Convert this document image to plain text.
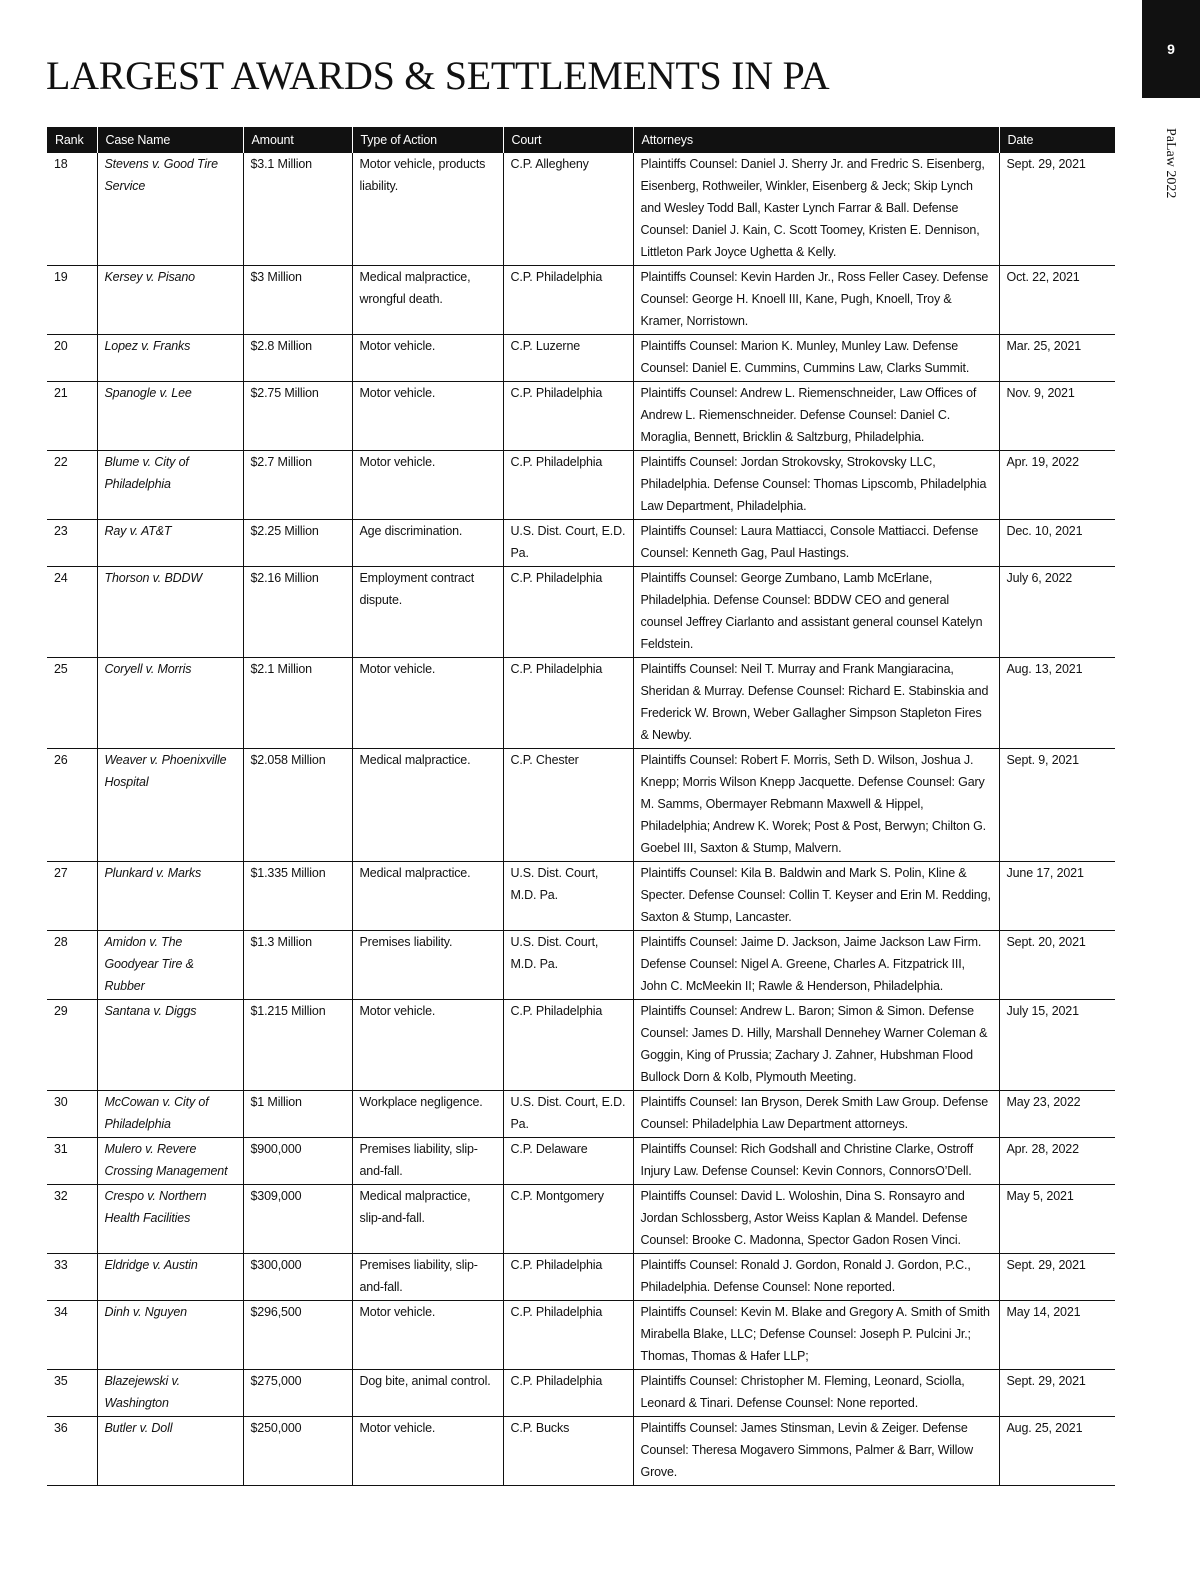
9
PaLaw 2022
LARGEST AWARDS & SETTLEMENTS IN PA
Rank	Case Name	Amount	Type of Action	Court	Attorneys	Date
18	Stevens v. Good Tire Service	$3.1 Million	Motor vehicle, products liability.	C.P. Allegheny	Plaintiffs Counsel: Daniel J. Sherry Jr. and Fredric S. Eisenberg, Eisenberg, Rothweiler, Winkler, Eisenberg & Jeck; Skip Lynch and Wesley Todd Ball, Kaster Lynch Farrar & Ball. Defense Counsel: Daniel J. Kain, C. Scott Toomey, Kristen E. Dennison, Littleton Park Joyce Ughetta & Kelly.	Sept. 29, 2021
19	Kersey v. Pisano	$3 Million	Medical malpractice, wrongful death.	C.P. Philadelphia	Plaintiffs Counsel: Kevin Harden Jr., Ross Feller Casey. Defense Counsel: George H. Knoell III, Kane, Pugh, Knoell, Troy & Kramer, Norristown.	Oct. 22, 2021
20	Lopez v. Franks	$2.8 Million	Motor vehicle.	C.P. Luzerne	Plaintiffs Counsel: Marion K. Munley, Munley Law. Defense Counsel: Daniel E. Cummins, Cummins Law, Clarks Summit.	Mar. 25, 2021
21	Spanogle v. Lee	$2.75 Million	Motor vehicle.	C.P. Philadelphia	Plaintiffs Counsel: Andrew L. Riemenschneider, Law Offices of Andrew L. Riemenschneider. Defense Counsel: Daniel C. Moraglia, Bennett, Bricklin & Saltzburg, Philadelphia.	Nov. 9, 2021
22	Blume v. City of Philadelphia	$2.7 Million	Motor vehicle.	C.P. Philadelphia	Plaintiffs Counsel: Jordan Strokovsky, Strokovsky LLC, Philadelphia. Defense Counsel: Thomas Lipscomb, Philadelphia Law Department, Philadelphia.	Apr. 19, 2022
23	Ray v. AT&T	$2.25 Million	Age discrimination.	U.S. Dist. Court, E.D. Pa.	Plaintiffs Counsel: Laura Mattiacci, Console Mattiacci. Defense Counsel: Kenneth Gag, Paul Hastings.	Dec. 10, 2021
24	Thorson v. BDDW	$2.16 Million	Employment contract dispute.	C.P. Philadelphia	Plaintiffs Counsel: George Zumbano, Lamb McErlane, Philadelphia. Defense Counsel: BDDW CEO and general counsel Jeffrey Ciarlanto and assistant general counsel Katelyn Feldstein.	July 6, 2022
25	Coryell v. Morris	$2.1 Million	Motor vehicle.	C.P. Philadelphia	Plaintiffs Counsel: Neil T. Murray and Frank Mangiaracina, Sheridan & Murray. Defense Counsel: Richard E. Stabinskia and Frederick W. Brown, Weber Gallagher Simpson Stapleton Fires & Newby.	Aug. 13, 2021
26	Weaver v. Phoenixville Hospital	$2.058 Million	Medical malpractice.	C.P. Chester	Plaintiffs Counsel: Robert F. Morris, Seth D. Wilson, Joshua J. Knepp; Morris Wilson Knepp Jacquette. Defense Counsel: Gary M. Samms, Obermayer Rebmann Maxwell & Hippel, Philadelphia; Andrew K. Worek; Post & Post, Berwyn; Chilton G. Goebel III, Saxton & Stump, Malvern.	Sept. 9, 2021
27	Plunkard v. Marks	$1.335 Million	Medical malpractice.	U.S. Dist. Court, M.D. Pa.	Plaintiffs Counsel: Kila B. Baldwin and Mark S. Polin, Kline & Specter. Defense Counsel: Collin T. Keyser and Erin M. Redding, Saxton & Stump, Lancaster.	June 17, 2021
28	Amidon v. The Goodyear Tire & Rubber	$1.3 Million	Premises liability.	U.S. Dist. Court, M.D. Pa.	Plaintiffs Counsel: Jaime D. Jackson, Jaime Jackson Law Firm. Defense Counsel: Nigel A. Greene, Charles A. Fitzpatrick III, John C. McMeekin II; Rawle & Henderson, Philadelphia.	Sept. 20, 2021
29	Santana v. Diggs	$1.215 Million	Motor vehicle.	C.P. Philadelphia	Plaintiffs Counsel: Andrew L. Baron; Simon & Simon. Defense Counsel: James D. Hilly, Marshall Dennehey Warner Coleman & Goggin, King of Prussia; Zachary J. Zahner, Hubshman Flood Bullock Dorn & Kolb, Plymouth Meeting.	July 15, 2021
30	McCowan v. City of Philadelphia	$1 Million	Workplace negligence.	U.S. Dist. Court, E.D. Pa.	Plaintiffs Counsel: Ian Bryson, Derek Smith Law Group. Defense Counsel: Philadelphia Law Department attorneys.	May 23, 2022
31	Mulero v. Revere Crossing Management	$900,000	Premises liability, slip-and-fall.	C.P. Delaware	Plaintiffs Counsel: Rich Godshall and Christine Clarke, Ostroff Injury Law. Defense Counsel: Kevin Connors, ConnorsO’Dell.	Apr. 28, 2022
32	Crespo v. Northern Health Facilities	$309,000	Medical malpractice, slip-and-fall.	C.P. Montgomery	Plaintiffs Counsel: David L. Woloshin, Dina S. Ronsayro and Jordan Schlossberg, Astor Weiss Kaplan & Mandel. Defense Counsel: Brooke C. Madonna, Spector Gadon Rosen Vinci.	May 5, 2021
33	Eldridge v. Austin	$300,000	Premises liability, slip-and-fall.	C.P. Philadelphia	Plaintiffs Counsel: Ronald J. Gordon, Ronald J. Gordon, P.C., Philadelphia. Defense Counsel: None reported.	Sept. 29, 2021
34	Dinh v. Nguyen	$296,500	Motor vehicle.	C.P. Philadelphia	Plaintiffs Counsel: Kevin M. Blake and Gregory A. Smith of Smith Mirabella Blake, LLC; Defense Counsel: Joseph P. Pulcini Jr.; Thomas, Thomas & Hafer LLP;	May 14, 2021
35	Blazejewski v. Washington	$275,000	Dog bite, animal control.	C.P. Philadelphia	Plaintiffs Counsel: Christopher M. Fleming, Leonard, Sciolla, Leonard & Tinari. Defense Counsel: None reported.	Sept. 29, 2021
36	Butler v. Doll	$250,000	Motor vehicle.	C.P. Bucks	Plaintiffs Counsel: James Stinsman, Levin & Zeiger. Defense Counsel: Theresa Mogavero Simmons, Palmer & Barr, Willow Grove.	Aug. 25, 2021
